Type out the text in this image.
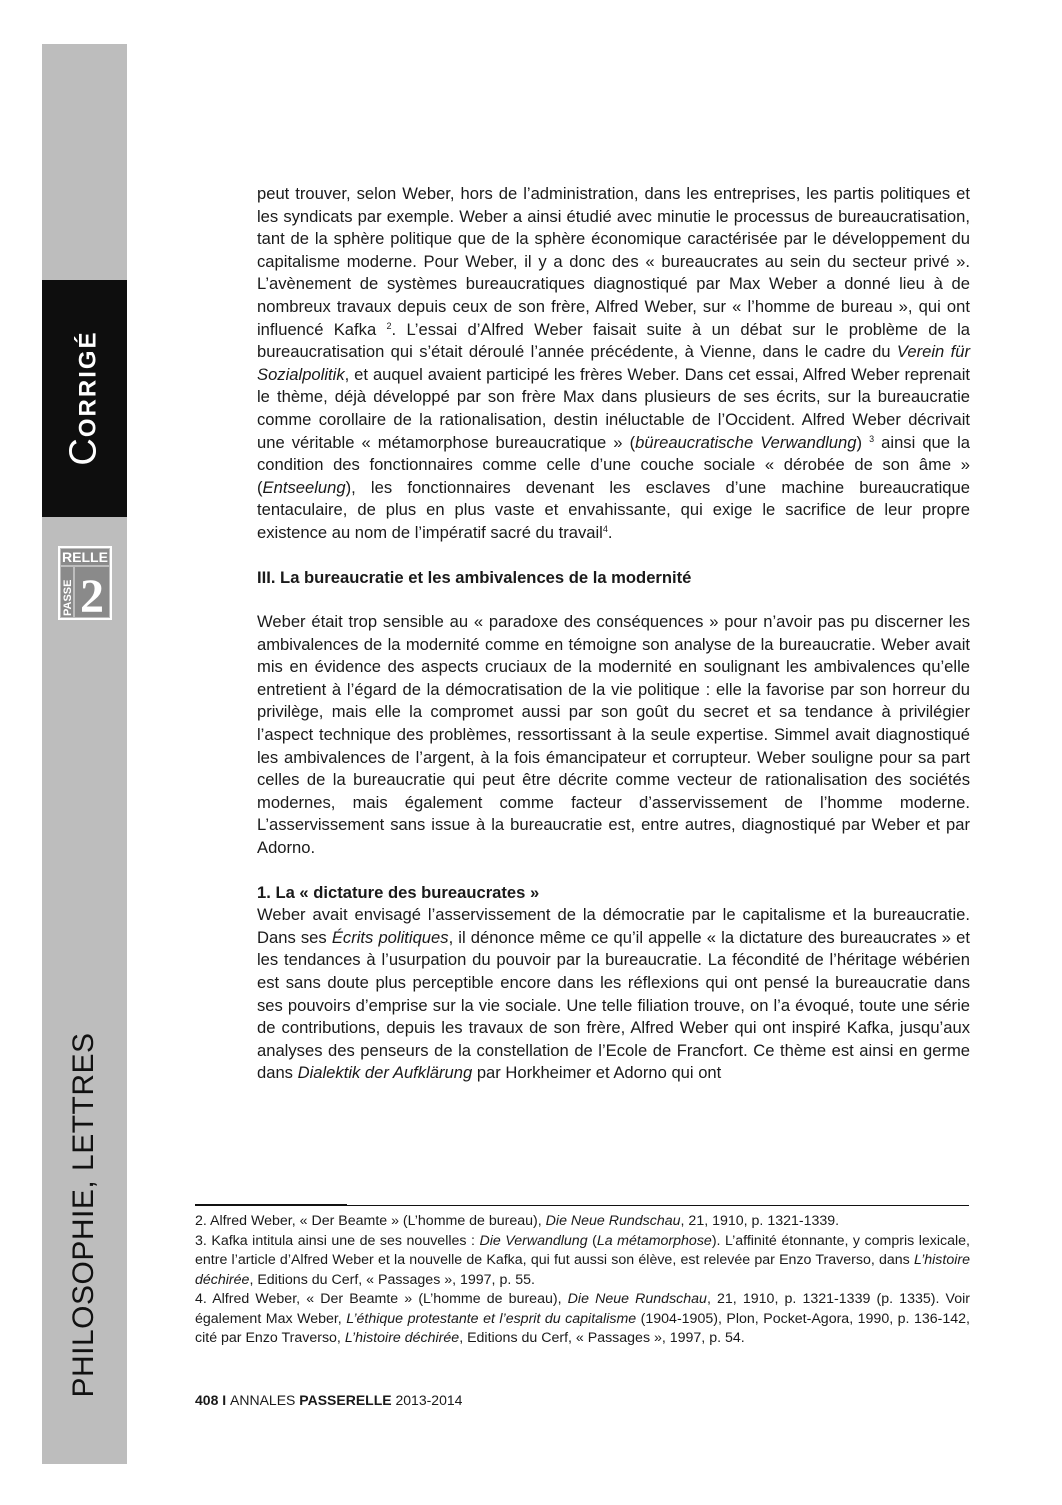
CORRIGÉ
RELLE
PASSE 2
PHILOSOPHIE, LETTRES

peut trouver, selon Weber, hors de l’administration, dans les entreprises, les partis politiques et les syndicats par exemple. Weber a ainsi étudié avec minutie le processus de bureaucratisation, tant de la sphère politique que de la sphère économique caractérisée par le développement du capitalisme moderne. Pour Weber, il y a donc des « bureaucrates au sein du secteur privé ». L’avènement de systèmes bureaucratiques diagnostiqué par Max Weber a donné lieu à de nombreux travaux depuis ceux de son frère, Alfred Weber, sur « l’homme de bureau », qui ont influencé Kafka $^2$. L’essai d’Alfred Weber faisait suite à un débat sur le problème de la bureaucratisation qui s’était déroulé l’année précédente, à Vienne, dans le cadre du Verein für Sozialpolitik, et auquel avaient participé les frères Weber. Dans cet essai, Alfred Weber reprenait le thème, déjà développé par son frère Max dans plusieurs de ses écrits, sur la bureaucratie comme corollaire de la rationalisation, destin inéluctable de l’Occident. Alfred Weber décrivait une véritable « métamorphose bureaucratique » (büreaucratische Verwandlung) $^3$ ainsi que la condition des fonctionnaires comme celle d’une couche sociale « dérobée de son âme » (Entseelung), les fonctionnaires devenant les esclaves d’une machine bureaucratique tentaculaire, de plus en plus vaste et envahissante, qui exige le sacrifice de leur propre existence au nom de l’impératif sacré du travail$^4$.

III. La bureaucratie et les ambivalences de la modernité

Weber était trop sensible au « paradoxe des conséquences » pour n’avoir pas pu discerner les ambivalences de la modernité comme en témoigne son analyse de la bureaucratie. Weber avait mis en évidence des aspects cruciaux de la modernité en soulignant les ambivalences qu’elle entretient à l’égard de la démocratisation de la vie politique : elle la favorise par son horreur du privilège, mais elle la compromet aussi par son goût du secret et sa tendance à privilégier l’aspect technique des problèmes, ressortissant à la seule expertise. Simmel avait diagnostiqué les ambivalences de l’argent, à la fois émancipateur et corrupteur. Weber souligne pour sa part celles de la bureaucratie qui peut être décrite comme vecteur de rationalisation des sociétés modernes, mais également comme facteur d’asservissement de l’homme moderne. L’asservissement sans issue à la bureaucratie est, entre autres, diagnostiqué par Weber et par Adorno.

1. La « dictature des bureaucrates »

Weber avait envisagé l’asservissement de la démocratie par le capitalisme et la bureaucratie. Dans ses Écrits politiques, il dénonce même ce qu’il appelle « la dictature des bureaucrates » et les tendances à l’usurpation du pouvoir par la bureaucratie. La fécondité de l’héritage wébérien est sans doute plus perceptible encore dans les réflexions qui ont pensé la bureaucratie dans ses pouvoirs d’emprise sur la vie sociale. Une telle filiation trouve, on l’a évoqué, toute une série de contributions, depuis les travaux de son frère, Alfred Weber qui ont inspiré Kafka, jusqu’aux analyses des penseurs de la constellation de l’Ecole de Francfort. Ce thème est ainsi en germe dans Dialektik der Aufklärung par Horkheimer et Adorno qui ont

2. Alfred Weber, « Der Beamte » (L’homme de bureau), Die Neue Rundschau, 21, 1910, p. 1321-1339.

3. Kafka intitula ainsi une de ses nouvelles : Die Verwandlung (La métamorphose). L’affinité étonnante, y compris lexicale, entre l’article d’Alfred Weber et la nouvelle de Kafka, qui fut aussi son élève, est relevée par Enzo Traverso, dans L’histoire déchirée, Editions du Cerf, « Passages », 1997, p. 55.

4. Alfred Weber, « Der Beamte » (L’homme de bureau), Die Neue Rundschau, 21, 1910, p. 1321-1339 (p. 1335). Voir également Max Weber, L’éthique protestante et l’esprit du capitalisme (1904-1905), Plon, Pocket-Agora, 1990, p. 136-142, cité par Enzo Traverso, L’histoire déchirée, Editions du Cerf, « Passages », 1997, p. 54.

408 I ANNALES PASSERELLE 2013-2014
